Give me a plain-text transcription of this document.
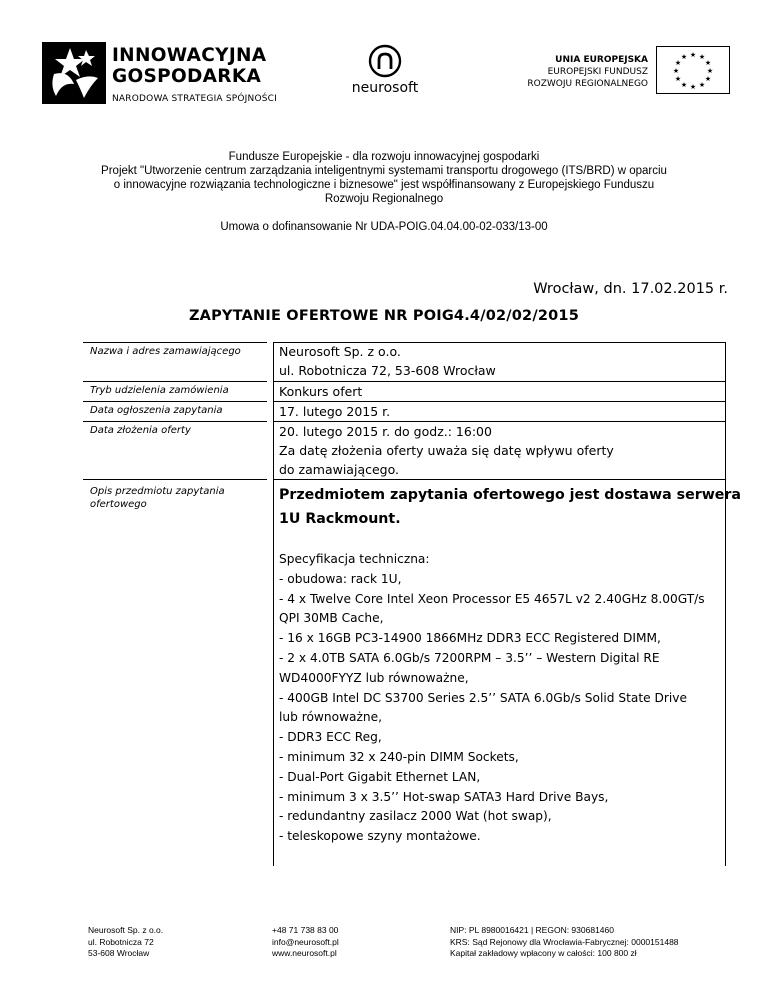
INNOWACYJNA
GOSPODARKA
NARODOWA STRATEGIA SPÓJNOŚCI
neurosoft
UNIA EUROPEJSKA
EUROPEJSKI FUNDUSZ
ROZWOJU REGIONALNEGO
★ ★
★
★
★
★
★
★
★
★
★
★
Fundusze Europejskie - dla rozwoju innowacyjnej gospodarki
Projekt "Utworzenie centrum zarządzania inteligentnymi systemami transportu drogowego (ITS/BRD) w oparciu
o innowacyjne rozwiązania technologiczne i biznesowe" jest współfinansowany z Europejskiego Funduszu
Rozwoju Regionalnego
Umowa o dofinansowanie Nr UDA-POIG.04.04.00-02-033/13-00
Wrocław, dn. 17.02.2015 r.
ZAPYTANIE OFERTOWE NR POIG4.4/02/02/2015
Nazwa i adres zamawiającego
Tryb udzielenia zamówienia
Data ogłoszenia zapytania
Data złożenia oferty
Opis przedmiotu zapytania ofertowego
Neurosoft Sp. z o.o.
ul. Robotnicza 72, 53-608 Wrocław
Konkurs ofert
17. lutego 2015 r.
20. lutego 2015 r. do godz.: 16:00
Za datę złożenia oferty uważa się datę wpływu oferty
do zamawiającego.
Przedmiotem zapytania ofertowego jest dostawa serwera
1U Rackmount.
Specyfikacja techniczna:
- obudowa: rack 1U,
- 4 x Twelve Core Intel Xeon Processor E5 4657L v2 2.40GHz 8.00GT/s
QPI 30MB Cache,
- 16 x 16GB PC3-14900 1866MHz DDR3 ECC Registered DIMM,
- 2 x 4.0TB SATA 6.0Gb/s 7200RPM – 3.5’’ – Western Digital RE
WD4000FYYZ lub równoważne,
- 400GB Intel DC S3700 Series 2.5’’ SATA 6.0Gb/s Solid State Drive
lub równoważne,
- DDR3 ECC Reg,
- minimum 32 x 240-pin DIMM Sockets,
- Dual-Port Gigabit Ethernet LAN,
- minimum 3 x 3.5’’ Hot-swap SATA3 Hard Drive Bays,
- redundantny zasilacz 2000 Wat (hot swap),
- teleskopowe szyny montażowe.
Neurosoft Sp. z o.o.
ul. Robotnicza 72
53-608 Wrocław
+48 71 738 83 00
info@neurosoft.pl
www.neurosoft.pl
NIP: PL 8980016421 | REGON: 930681460
KRS: Sąd Rejonowy dla Wrocławia-Fabrycznej: 0000151488
Kapitał zakładowy wpłacony w całości: 100 800 zł
